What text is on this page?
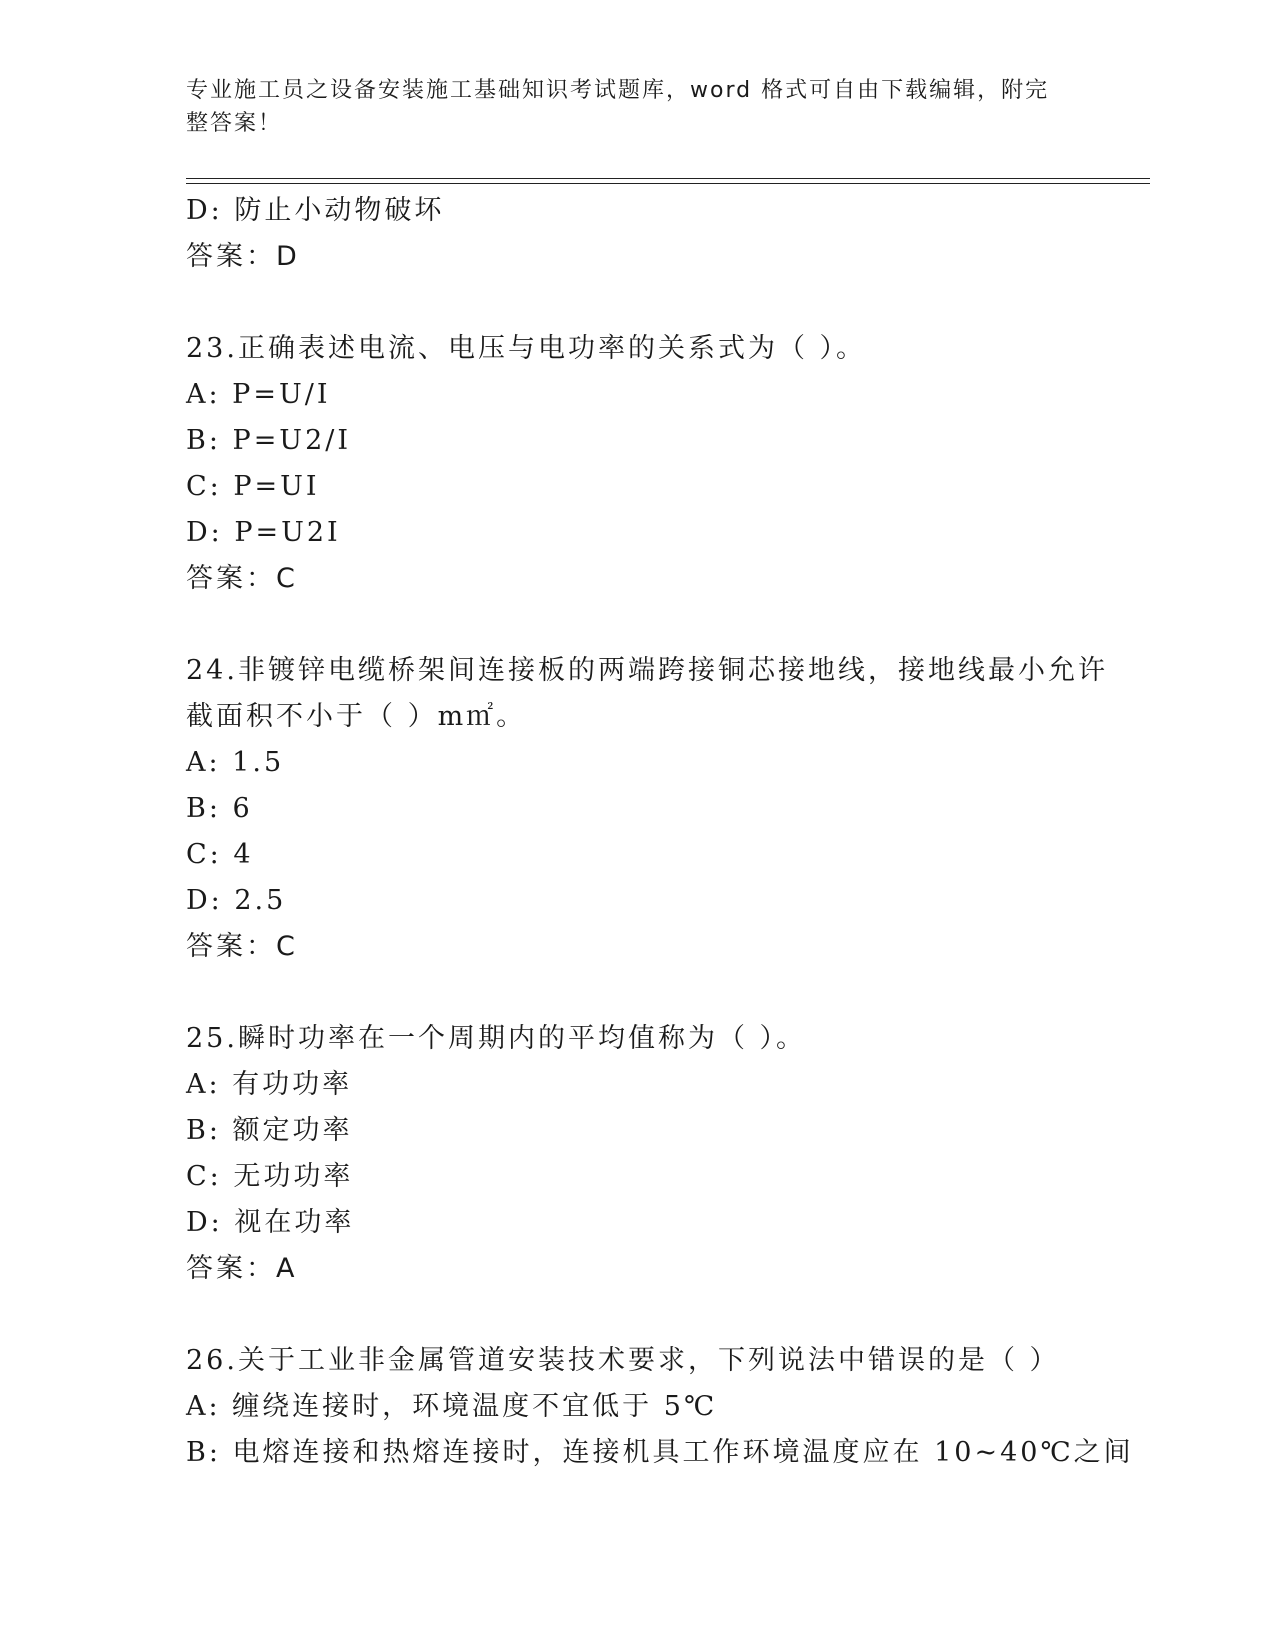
专业施工员之设备安装施工基础知识考试题库，word 格式可自由下载编辑，附完
整答案！
D: 防止小动物破坏
答案：D
23.正确表述电流、电压与电功率的关系式为（ ）。
A: P=U/I
B: P=U2/I
C: P=UI
D: P=U2I
答案：C
24.非镀锌电缆桥架间连接板的两端跨接铜芯接地线，接地线最小允许
截面积不小于（ ）m㎡。
A: 1.5
B: 6
C: 4
D: 2.5
答案：C
25.瞬时功率在一个周期内的平均值称为（ ）。
A: 有功功率
B: 额定功率
C: 无功功率
D: 视在功率
答案：A
26.关于工业非金属管道安装技术要求，下列说法中错误的是（ ）
A: 缠绕连接时，环境温度不宜低于 5℃
B: 电熔连接和热熔连接时，连接机具工作环境温度应在 10~40℃之间
